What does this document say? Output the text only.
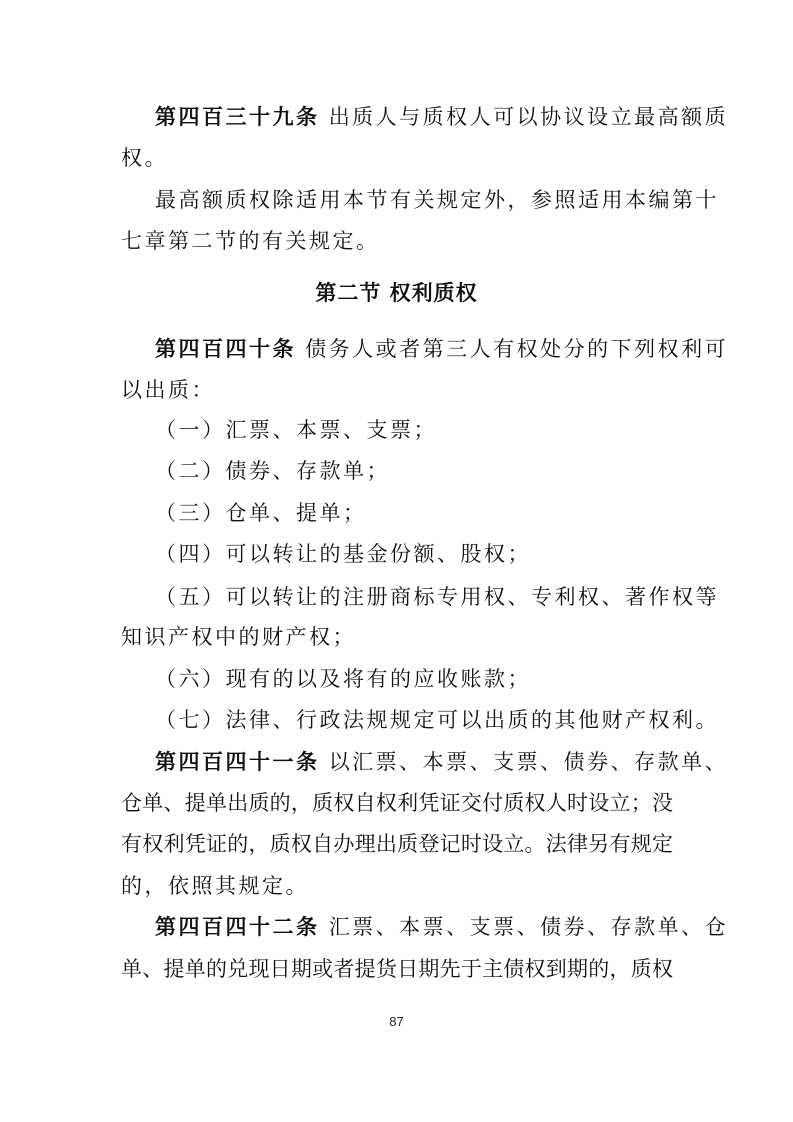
第四百三十九条 出质人与质权人可以协议设立最高额质
权。
最高额质权除适用本节有关规定外，参照适用本编第十
七章第二节的有关规定。
第二节 权利质权
第四百四十条 债务人或者第三人有权处分的下列权利可
以出质：
（一）汇票、本票、支票；
（二）债券、存款单；
（三）仓单、提单；
（四）可以转让的基金份额、股权；
（五）可以转让的注册商标专用权、专利权、著作权等
知识产权中的财产权；
（六）现有的以及将有的应收账款；
（七）法律、行政法规规定可以出质的其他财产权利。
第四百四十一条 以汇票、本票、支票、债券、存款单、
仓单、提单出质的，质权自权利凭证交付质权人时设立；没
有权利凭证的，质权自办理出质登记时设立。法律另有规定
的，依照其规定。
第四百四十二条 汇票、本票、支票、债券、存款单、仓
单、提单的兑现日期或者提货日期先于主债权到期的，质权
87
